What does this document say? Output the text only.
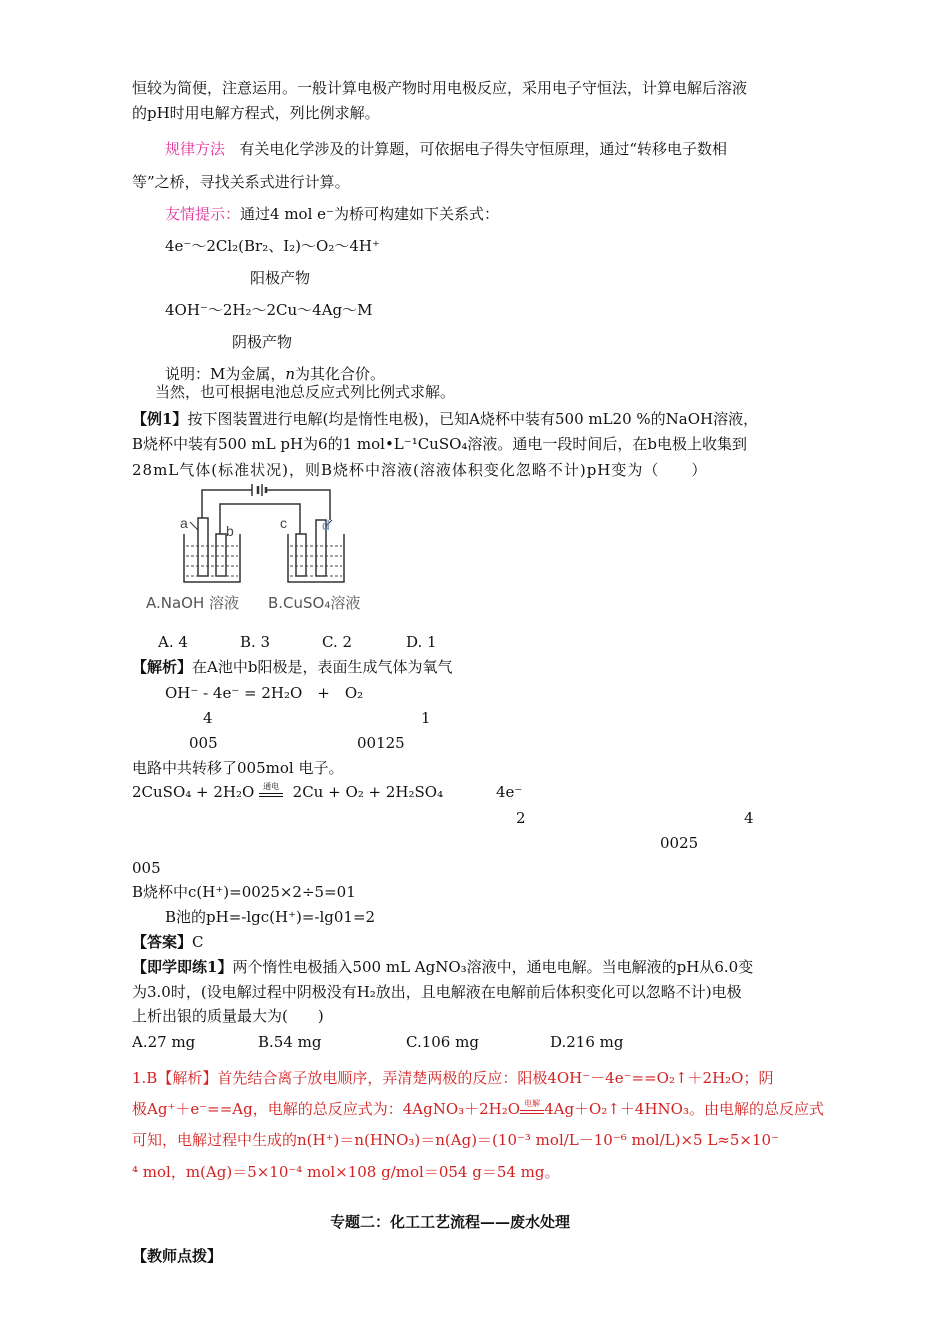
恒较为简便，注意运用。一般计算电极产物时用电极反应，采用电子守恒法，计算电解后溶液
的pH时用电解方程式，列比例求解。
规律方法 有关电化学涉及的计算题，可依据电子得失守恒原理，通过“转移电子数相
等”之桥，寻找关系式进行计算。
友情提示：通过4 mol e⁻为桥可构建如下关系式：
4e⁻～2Cl₂(Br₂、I₂)～O₂～4H⁺
阳极产物
4OH⁻～2H₂～2Cu～4Ag～M
阴极产物
说明：M为金属，n为其化合价。
当然，也可根据电池总反应式列比例式求解。
【例1】按下图装置进行电解(均是惰性电极)，已知A烧杯中装有500 mL20 %的NaOH溶液，
B烧杯中装有500 mL pH为6的1 mol•L⁻¹CuSO₄溶液。通电一段时间后，在b电极上收集到
28mL气体(标准状况)，则B烧杯中溶液(溶液体积变化忽略不计)pH变为（　　）
a	b	c	d
A.NaOH 溶液 B.CuSO₄溶液
A. 4	B. 3	C. 2	D. 1
【解析】在A池中b阳极是，表面生成气体为氧气
OH⁻ - 4e⁻ = 2H₂O　+　O₂
4	1
005	00125
电路中共转移了005mol 电子。
2CuSO₄ + 2H₂O	通电 2Cu + O₂ + 2H₂SO₄	4e⁻
2	4
0025
005
B烧杯中c(H⁺)=0025×2÷5=01
B池的pH=-lgc(H⁺)=-lg01=2
【答案】C
【即学即练1】两个惰性电极插入500 mL AgNO₃溶液中，通电电解。当电解液的pH从6.0变
为3.0时，(设电解过程中阴极没有H₂放出，且电解液在电解前后体积变化可以忽略不计)电极
上析出银的质量最大为(　　)
A.27 mg	B.54 mg	C.106 mg	D.216 mg
1.B【解析】首先结合离子放电顺序，弄清楚两极的反应：阳极4OH⁻－4e⁻==O₂↑＋2H₂O；阴
极Ag⁺＋e⁻==Ag，电解的总反应式为：4AgNO₃＋2H₂O 电解 4Ag＋O₂↑＋4HNO₃。由电解的总反应式
可知，电解过程中生成的n(H⁺)＝n(HNO₃)＝n(Ag)＝(10⁻³ mol/L－10⁻⁶ mol/L)×5 L≈5×10⁻
⁴ mol，m(Ag)＝5×10⁻⁴ mol×108 g/mol＝054 g＝54 mg。
专题二：化工工艺流程——废水处理
【教师点拨】
